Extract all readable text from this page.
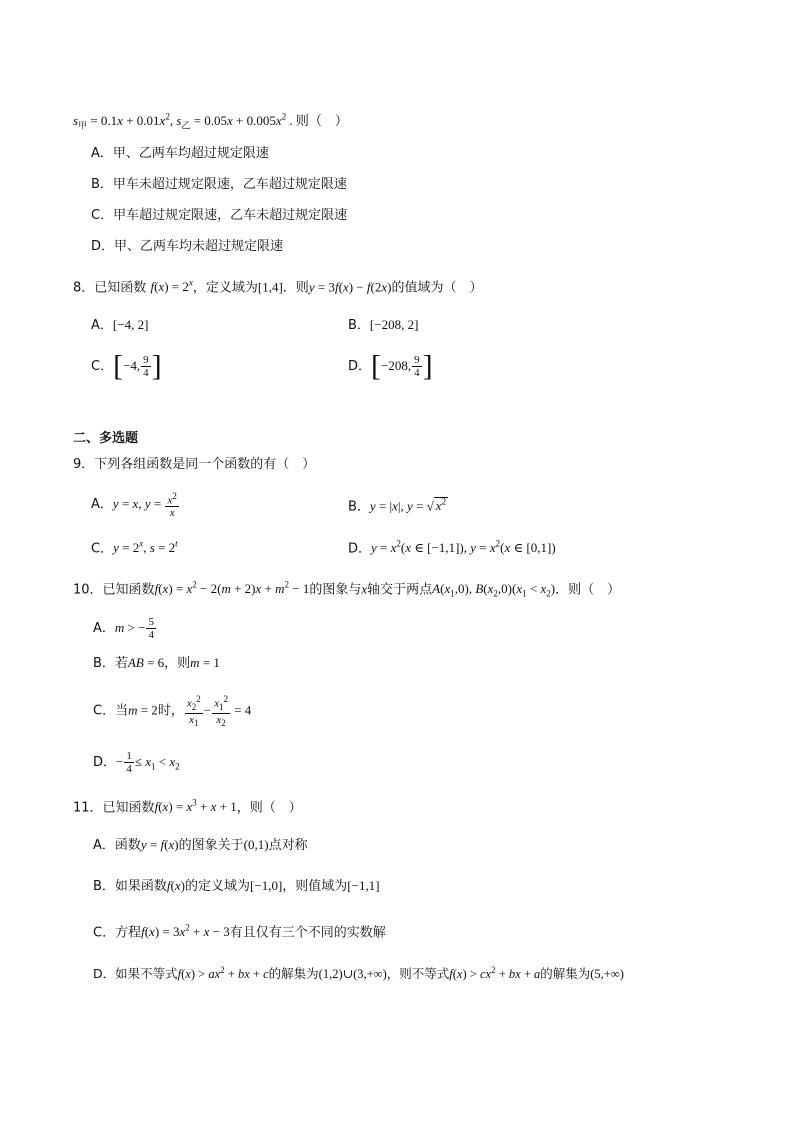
$s_甲 = 0.1x + 0.01x^2$, $s_乙 = 0.05x + 0.005x^2$ . 则（　）
A．甲、乙两车均超过规定限速
B．甲车未超过规定限速，乙车超过规定限速
C．甲车超过规定限速，乙车未超过规定限速
D．甲、乙两车均未超过规定限速
8．已知函数 $f(x) = 2^x$，定义域为[1,4]．则y = 3f(x) − f(2x)的值域为（　）
A．[−4, 2]	B．[−208, 2]
C．[−4, $\frac{9}{4}$ ]	D．[−208, $\frac{9}{4}$ ]
二、多选题
9．下列各组函数是同一个函数的有（　）
A．y = x, $y = \frac{x^2}{x}$	B．y = |x|, y = √ $x^2$
C．$y = 2^x$, $s = 2^t$	D．$y = x^2(x$ ∈ [−1,1]), $y = x^2(x$ ∈ [0,1])
10．已知函数$f(x) = x^2 - 2(m + 2)x + m^2 - 1$的图象与x轴交于两点$A(x_1,0)$, $B(x_2,0)(x_1 < x_2)$．则（　）
A．m > − $\frac{5}{4}$
B．若AB = 6，则m = 1
C．当m = 2时， $\frac{x_2^2}{x_1} - \frac{x_1^2}{x_2} = 4$
D．− $\frac{1}{4} \le x_1 < x_2$
11．已知函数$f(x) = x^3 + x + 1$，则（　）
A．函数y = f(x)的图象关于(0,1)点对称
B．如果函数f(x)的定义域为[−1,0]，则值域为[−1,1]
C．方程$f(x) = 3x^2 + x - 3$有且仅有三个不同的实数解
D．如果不等式$f(x) > ax^2$ + bx + c的解集为(1,2)∪(3,+∞)，则不等式$f(x) > cx^2$ + bx + a的解集为(5,+∞)
